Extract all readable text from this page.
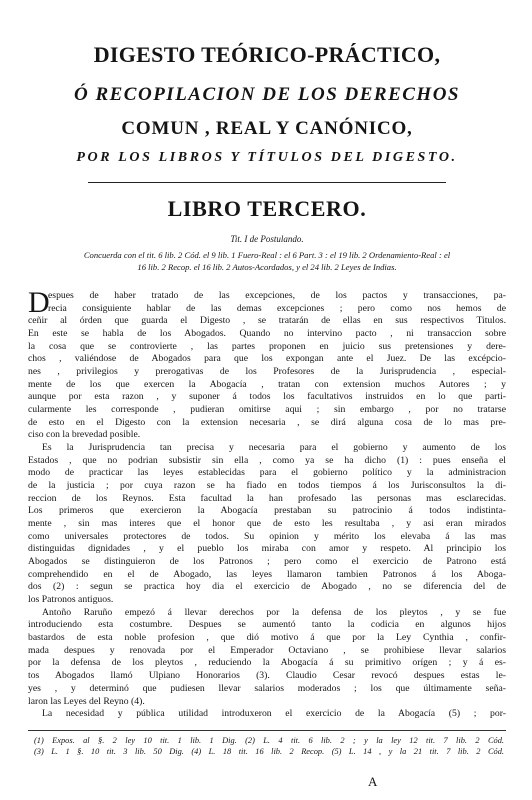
DIGESTO TEÓRICO-PRÁCTICO,
Ó RECOPILACION DE LOS DERECHOS
COMUN , REAL Y CANÓNICO,
POR LOS LIBROS Y TÍTULOS DEL DIGESTO.
LIBRO TERCERO.
Tit. I de Postulando.
Concuerda con el tit. 6 lib. 2 Cód. el 9 lib. 1 Fuero-Real : el 6 Part. 3 : el 19 lib. 2 Ordenamiento-Real : el
16 lib. 2 Recop. el 16 lib. 2 Autos-Acordados, y el 24 lib. 2 Leyes de Indias.
D
espues de haber tratado de las excepciones, de los pactos y transacciones, pa-
recia consiguiente hablar de las demas excepciones ; pero como nos hemos de
ceñir al órden que guarda el Digesto , se tratarán de ellas en sus respectivos Titulos.
En este se habla de los Abogados. Quando no intervino pacto , ni transaccion sobre
la cosa que se controvierte , las partes proponen en juicio sus pretensiones y dere-
chos , valiéndose de Abogados para que los expongan ante el Juez. De las excépcio-
nes , privilegios y prerogativas de los Profesores de la Jurisprudencia , especial-
mente de los que exercen la Abogacía , tratan con extension muchos Autores ; y
aunque por esta razon , y suponer á todos los facultativos instruidos en lo que parti-
cularmente les corresponde , pudieran omitirse aqui ; sin embargo , por no tratarse
de esto en el Digesto con la extension necesaria , se dirá alguna cosa de lo mas pre-
ciso con la brevedad posible.
Es la Jurisprudencia tan precisa y necesaria para el gobierno y aumento de los
Estados , que no podrian subsistir sin ella , como ya se ha dicho (1) : pues enseña el
modo de practicar las leyes establecidas para el gobierno político y la administracion
de la justicia ; por cuya razon se ha fiado en todos tiempos á los Jurisconsultos la di-
reccion de los Reynos. Esta facultad la han profesado las personas mas esclarecidas.
Los primeros que exercieron la Abogacía prestaban su patrocinio á todos indistinta-
mente , sin mas interes que el honor que de esto les resultaba , y asi eran mirados
como universales protectores de todos. Su opinion y mérito los elevaba á las mas
distinguidas dignidades , y el pueblo los miraba con amor y respeto. Al principio los
Abogados se distinguieron de los Patronos ; pero como el exercicio de Patrono está
comprehendido en el de Abogado, las leyes llamaron tambien Patronos á los Aboga-
dos (2) : segun se practica hoy dia el exercicio de Abogado , no se diferencia del de
los Patronos antiguos.
Antoño Raruño empezó á llevar derechos por la defensa de los pleytos , y se fue
introduciendo esta costumbre. Despues se aumentó tanto la codicia en algunos hijos
bastardos de esta noble profesion , que dió motivo á que por la Ley Cynthia , confir-
mada despues y renovada por el Emperador Octaviano , se prohibiese llevar salarios
por la defensa de los pleytos , reduciendo la Abogacía á su primitivo orígen ; y á es-
tos Abogados llamó Ulpiano Honorarios (3). Claudio Cesar revocó despues estas le-
yes , y determinó que pudiesen llevar salarios moderados ; los que últimamente seña-
laron las Leyes del Reyno (4).
La necesidad y pública utilidad introduxeron el exercicio de la Abogacía (5) ; por-
(1) Expos. al §. 2 ley 10 tit. 1 lib. 1 Dig. (2) L. 4 tit. 6 lib. 2 ; y la ley 12 tit. 7 lib. 2 Cód.
(3) L. 1 §. 10 tit. 3 lib. 50 Dig. (4) L. 18 tit. 16 lib. 2 Recop. (5) L. 14 , y la 21 tit. 7 lib. 2 Cód.
A
